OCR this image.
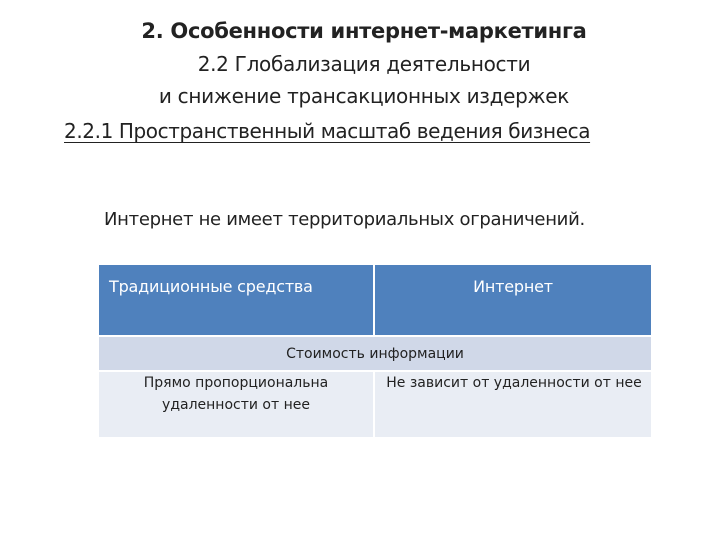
2. Особенности интернет-маркетинга
2.2 Глобализация деятельности
и снижение трансакционных издержек
2.2.1 Пространственный масштаб ведения бизнеса
Интернет не имеет территориальных ограничений.
Традиционные средства	Интернет
Стоимость информации	
Прямо пропорциональна удаленности от нее	Не зависит от удаленности от нее
